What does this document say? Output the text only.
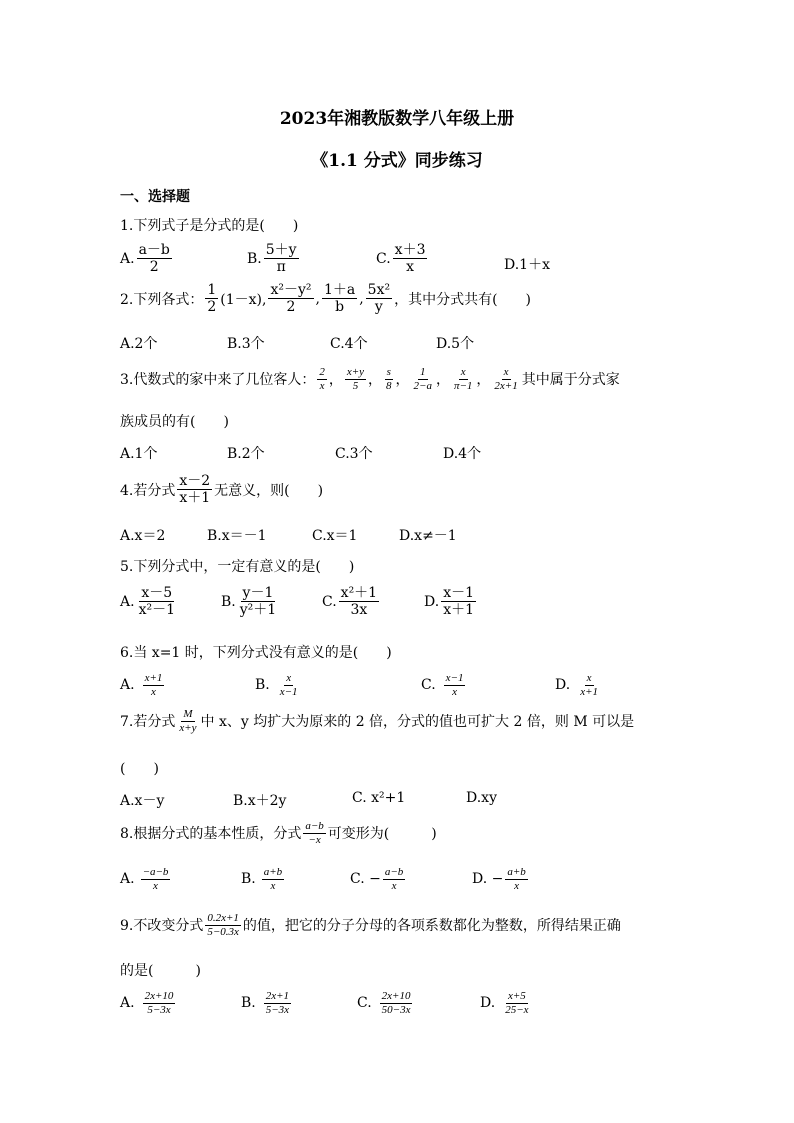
2023年湘教版数学八年级上册
《1.1 分式》同步练习
一、选择题
1.下列式子是分式的是(　　)
A. $\frac{a-b}{2}$	B. $\frac{5+y}{\pi}$	C. $\frac{x+3}{x}$	D.1＋x
2.下列各式： $\frac{1}{2} (1-x)$, $\frac{\text{x²－y²}}{2}$ , $\frac{1+a}{b}$ , $\frac{\text{5x²}}{y}$ ，其中分式共有(　　)
A.2个	B.3个	C.4个	D.5个
3.代数式的家中来了几位客人： $\frac{2}{x}$ ， $\frac{x+y}{5}$ ， $\frac{s}{8}$ ， $\frac{1}{2-a}$ ， $\frac{x}{\pi-1}$ ， $\frac{x}{2x+1}$ 其中属于分式家
族成员的有(　　)
A.1个	B.2个	C.3个	D.4个
4.若分式 $\frac{x-2}{x+1}$ 无意义，则(　　)
A.x＝2	B.x＝－1	C.x＝1	D.x≠－1
5.下列分式中，一定有意义的是(　　)
A. $\frac{x-5}{\text{x²－1}}$	B. $\frac{y-1}{\text{y²＋1}}$	C. $\frac{\text{x²＋1}}{3x}$	D. $\frac{x-1}{x+1}$
6.当 x=1 时，下列分式没有意义的是(　　)
A. $\frac{x+1}{x}$	B. $\frac{x}{x-1}$	C. $\frac{x-1}{x}$	D. $\frac{x}{x+1}$
7.若分式 $\frac{M}{x+y}$ 中 x、y 均扩大为原来的 2 倍，分式的值也可扩大 2 倍，则 M 可以是
(　　)
A.x－y	B.x＋2y	C. x²+1	D.xy
8.根据分式的基本性质，分式 $\frac{a-b}{-x}$ 可变形为(　　　)
A. $\frac{-a-b}{x}$	B. $\frac{a+b}{x}$	C. − $\frac{a-b}{x}$	D. − $\frac{a+b}{x}$
9.不改变分式 $\frac{0.2x+1}{5-0.3x}$ 的值，把它的分子分母的各项系数都化为整数，所得结果正确
的是(　　　)
A. $\frac{2x+10}{5-3x}$	B. $\frac{2x+1}{5-3x}$	C. $\frac{2x+10}{50-3x}$	D. $\frac{x+5}{25-x}$
